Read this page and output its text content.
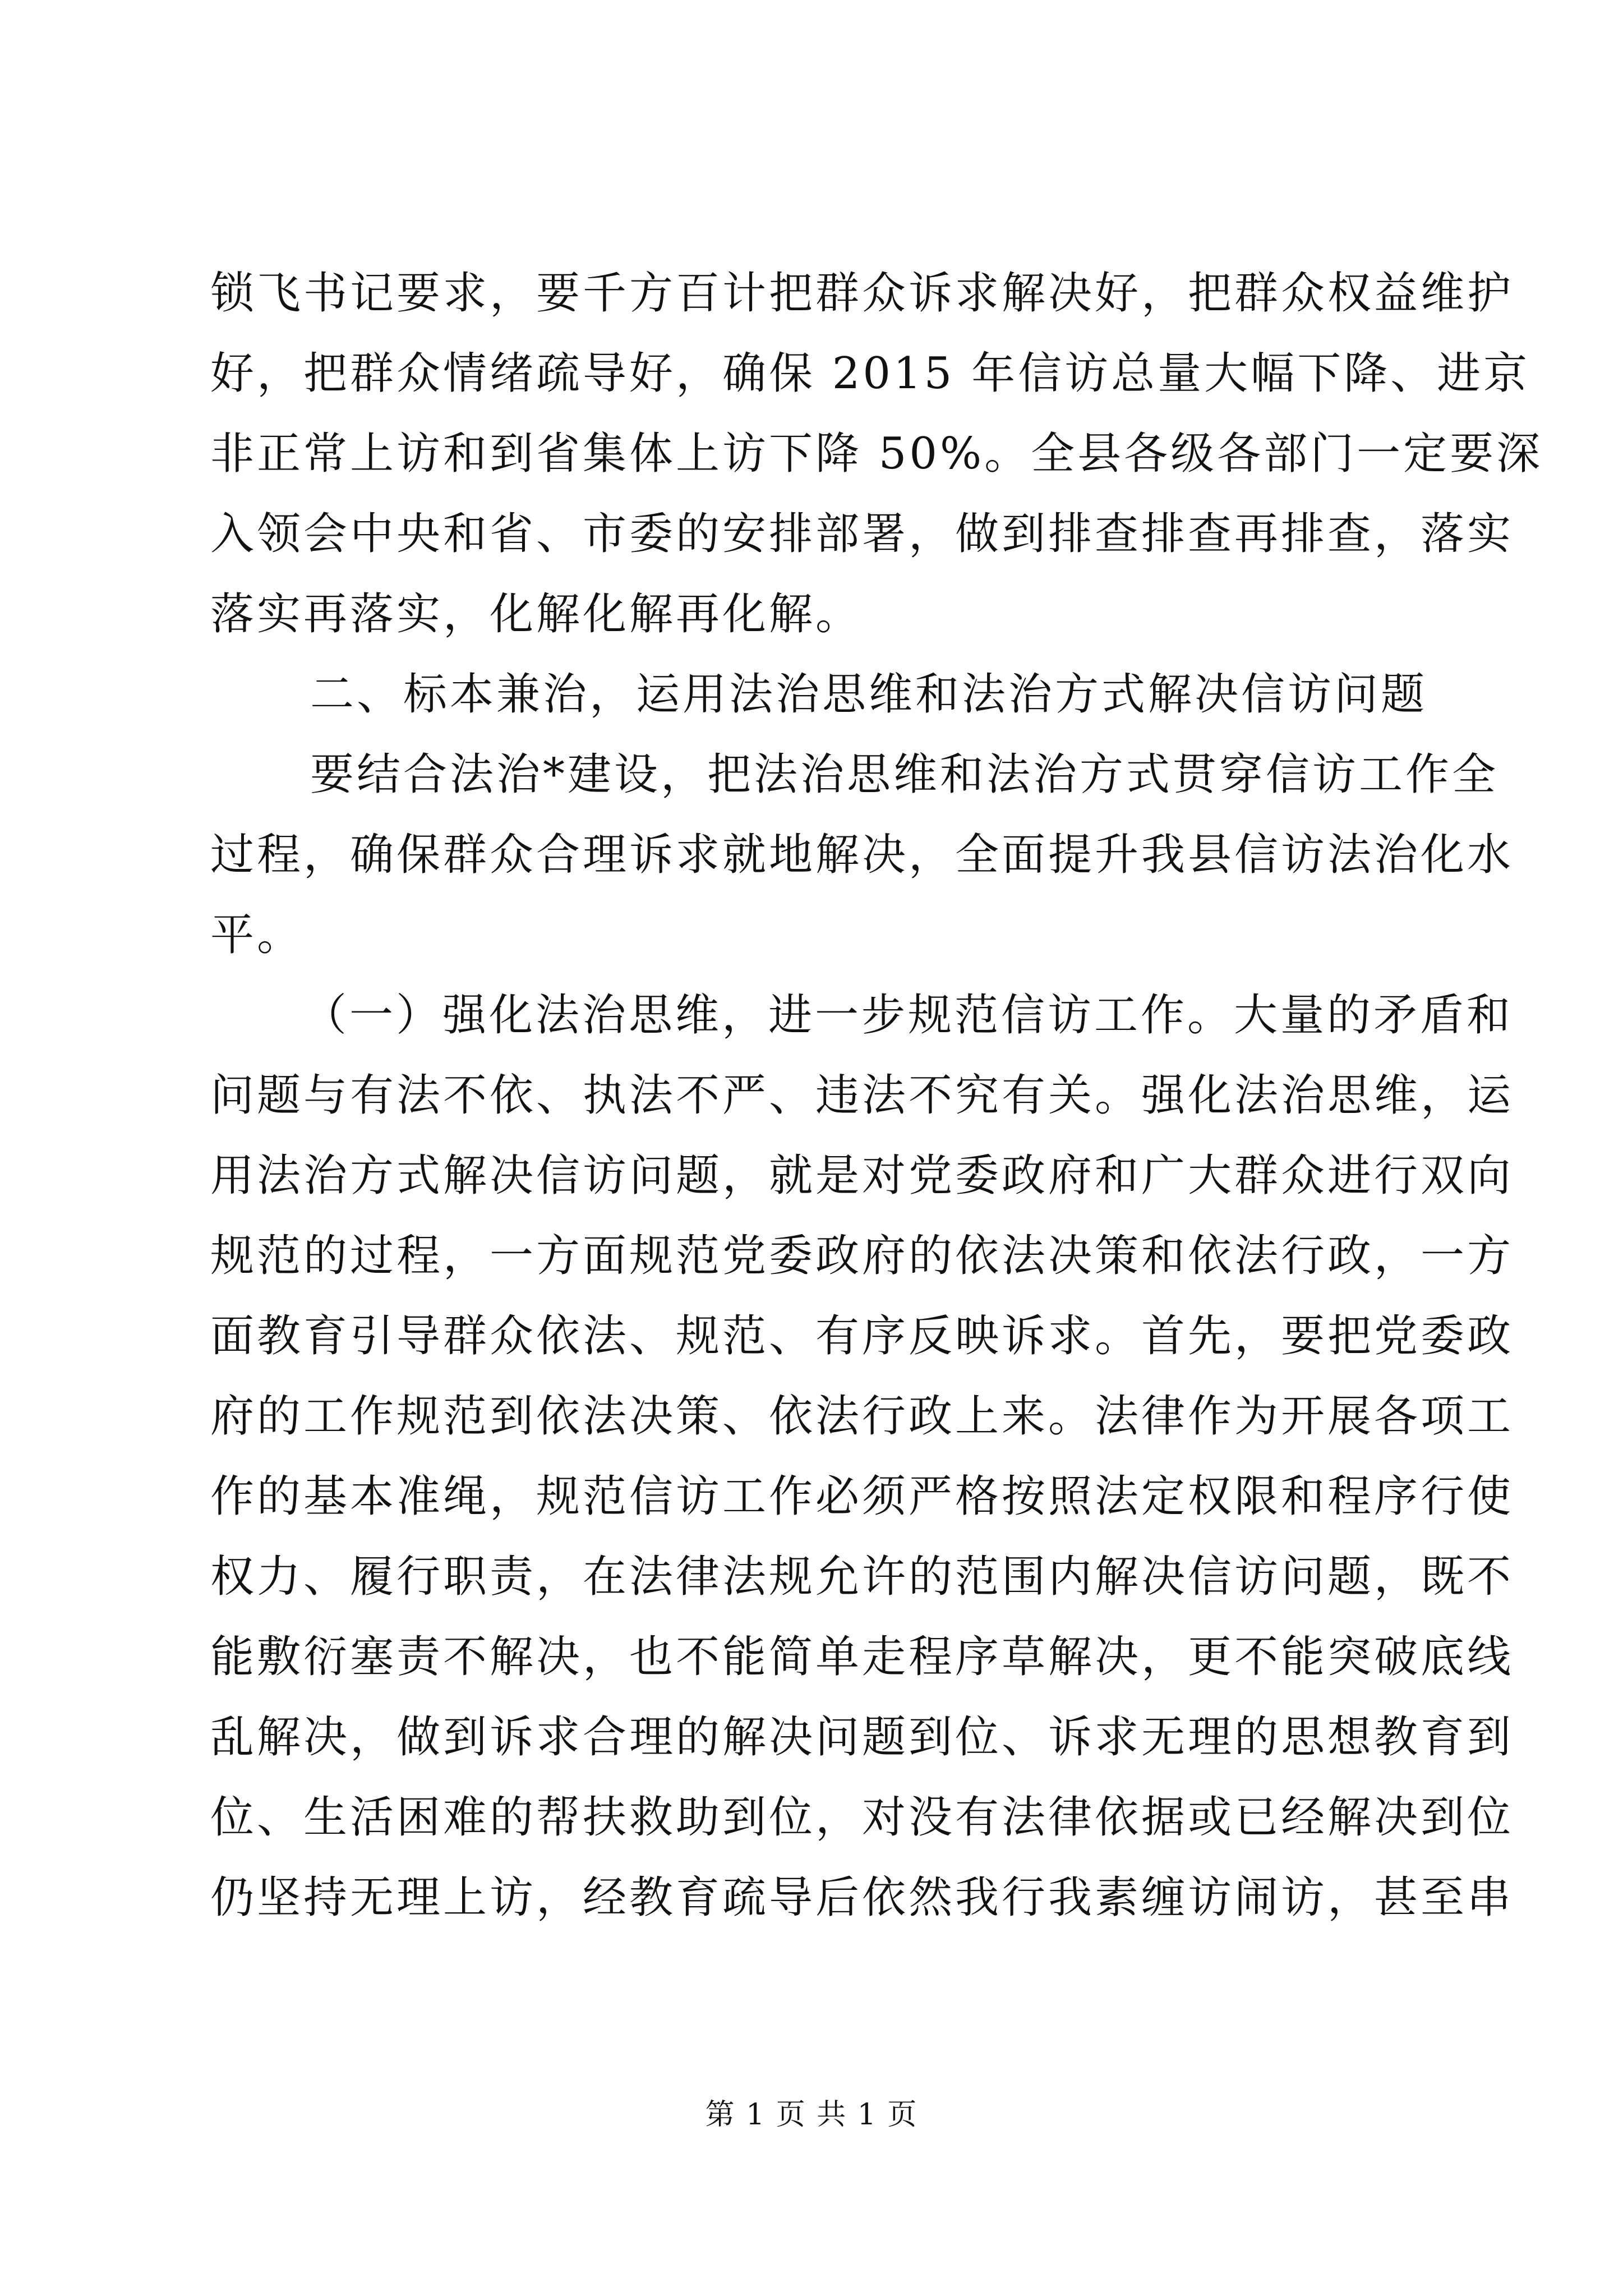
锁飞书记要求，要千方百计把群众诉求解决好，把群众权益维护
好，把群众情绪疏导好，确保 2015 年信访总量大幅下降、进京
非正常上访和到省集体上访下降 50%。全县各级各部门一定要深
入领会中央和省、市委的安排部署，做到排查排查再排查，落实
落实再落实，化解化解再化解。
二、标本兼治，运用法治思维和法治方式解决信访问题
要结合法治*建设，把法治思维和法治方式贯穿信访工作全
过程，确保群众合理诉求就地解决，全面提升我县信访法治化水
平。
（一）强化法治思维，进一步规范信访工作。大量的矛盾和
问题与有法不依、执法不严、违法不究有关。强化法治思维，运
用法治方式解决信访问题，就是对党委政府和广大群众进行双向
规范的过程，一方面规范党委政府的依法决策和依法行政，一方
面教育引导群众依法、规范、有序反映诉求。首先，要把党委政
府的工作规范到依法决策、依法行政上来。法律作为开展各项工
作的基本准绳，规范信访工作必须严格按照法定权限和程序行使
权力、履行职责，在法律法规允许的范围内解决信访问题，既不
能敷衍塞责不解决，也不能简单走程序草解决，更不能突破底线
乱解决，做到诉求合理的解决问题到位、诉求无理的思想教育到
位、生活困难的帮扶救助到位，对没有法律依据或已经解决到位
仍坚持无理上访，经教育疏导后依然我行我素缠访闹访，甚至串
第 1 页 共 1 页
